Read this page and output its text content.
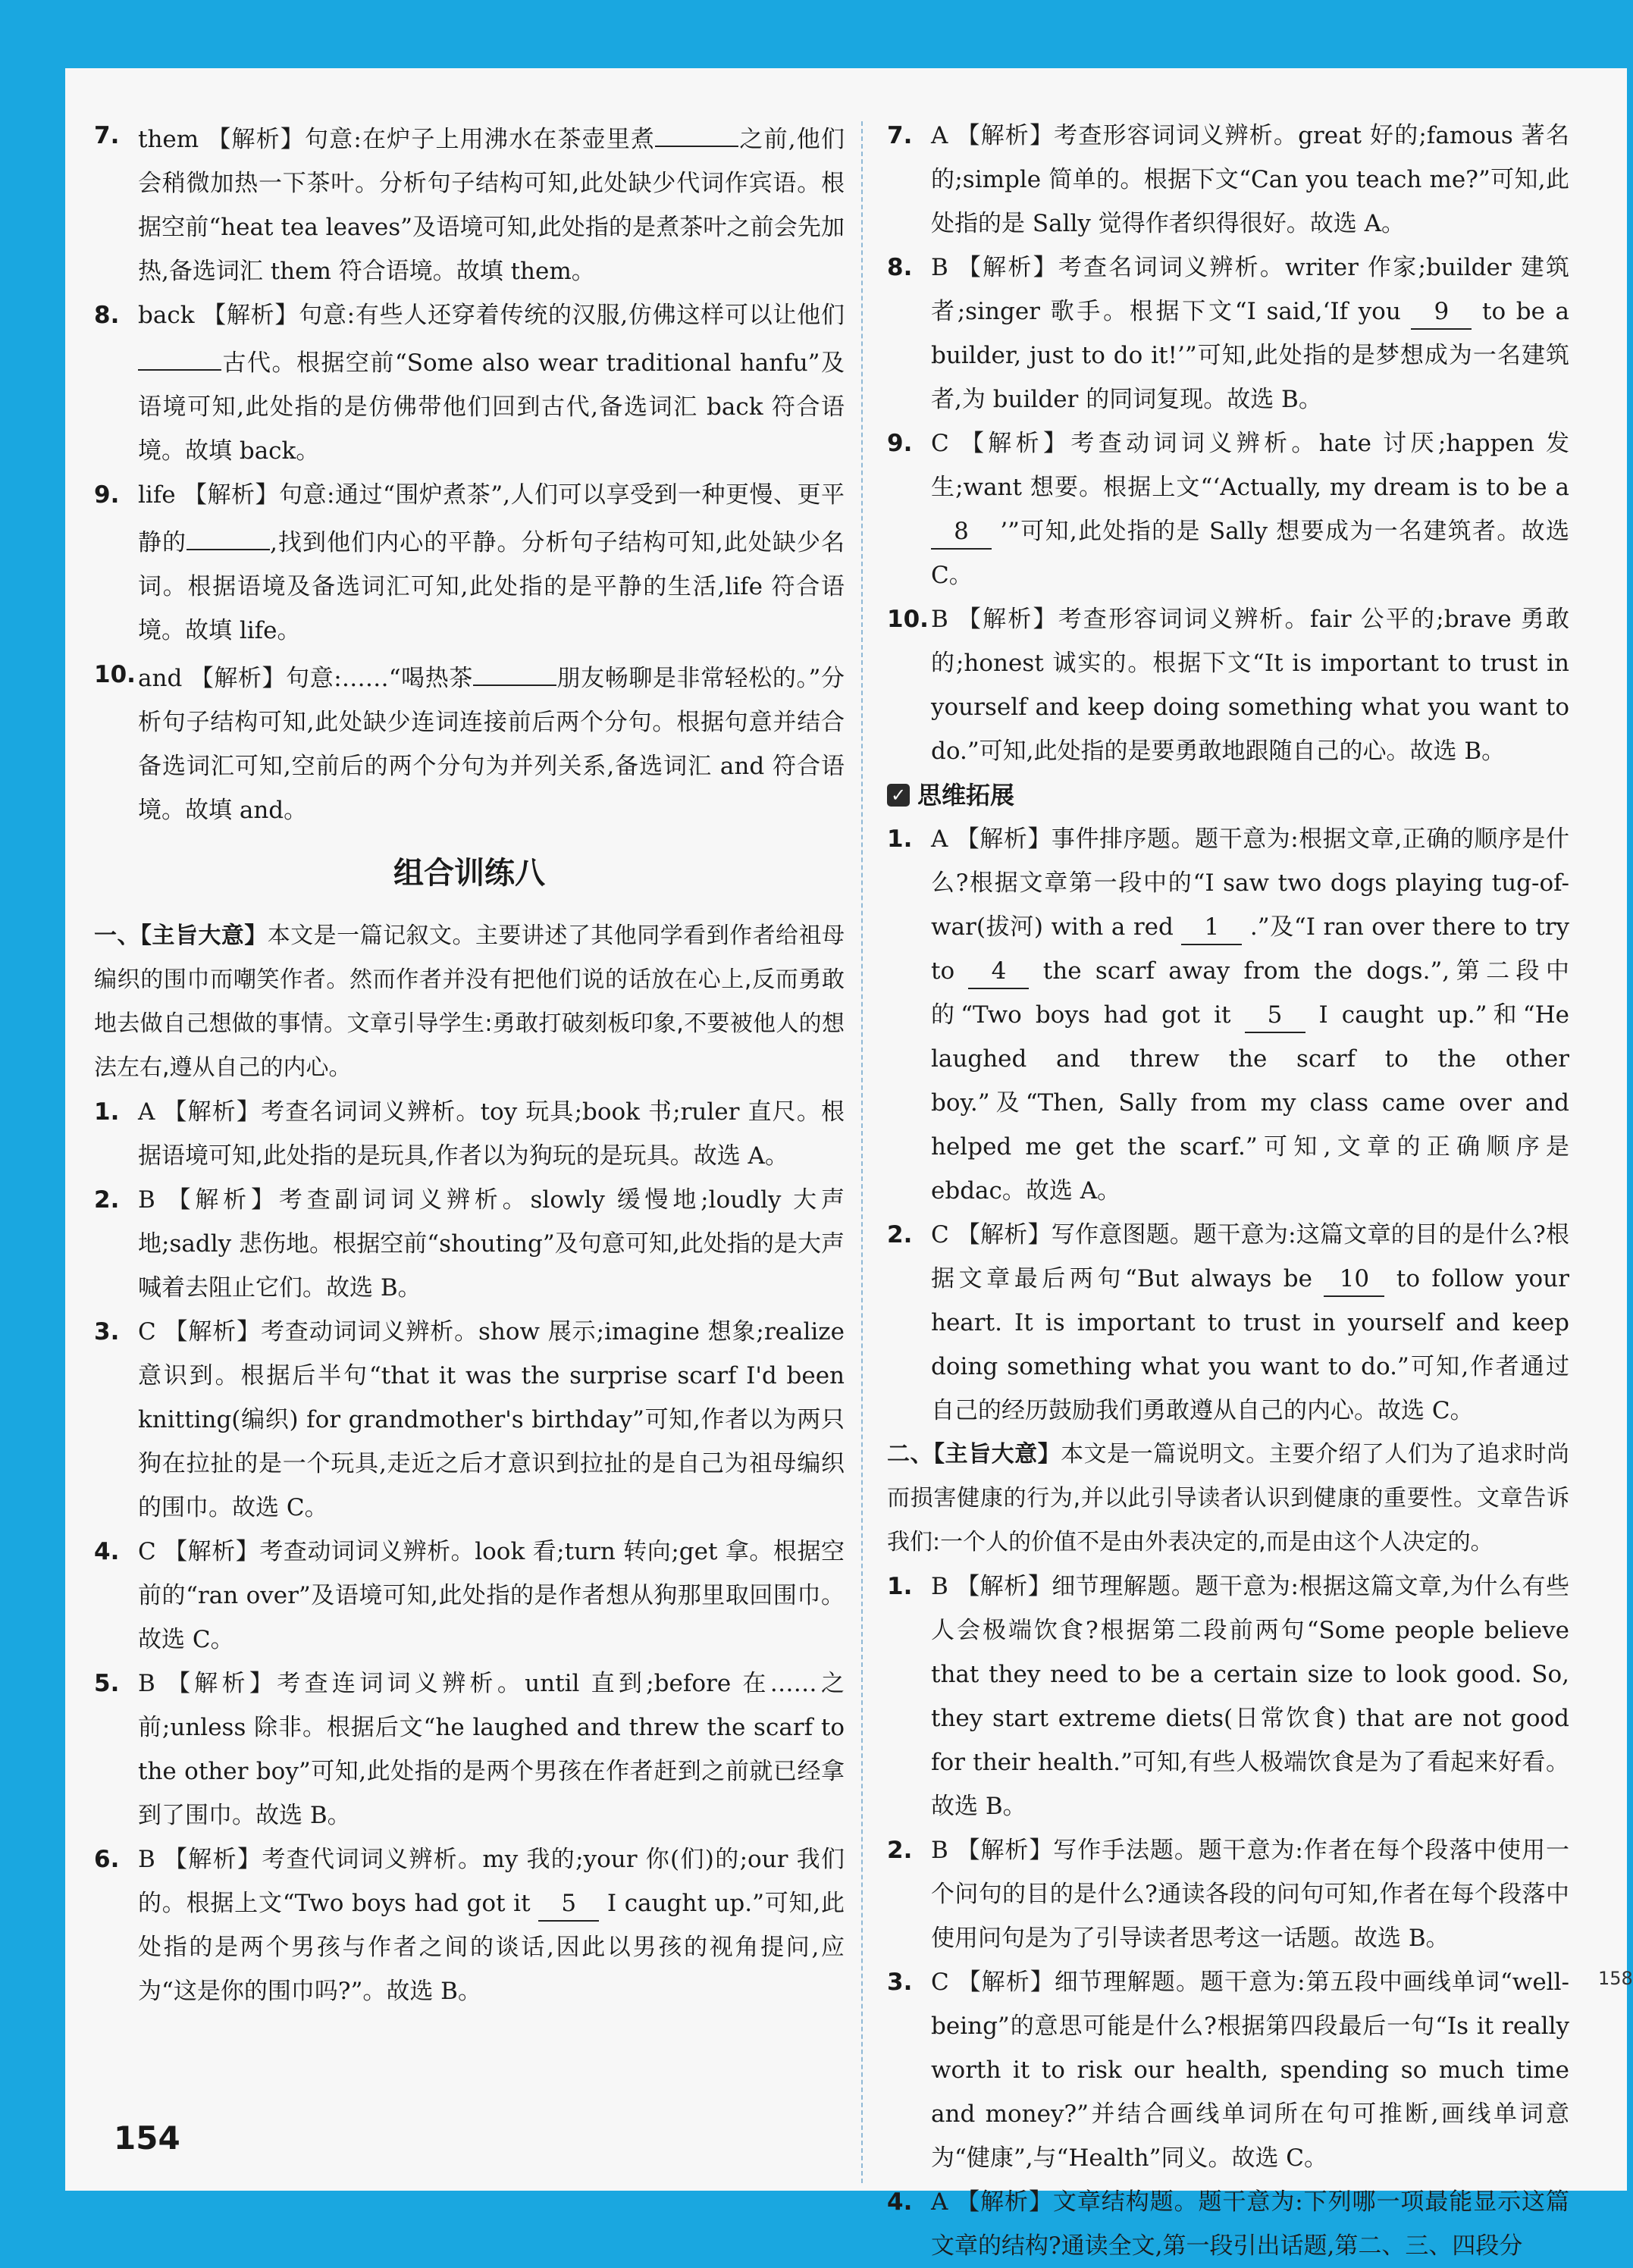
7. them 【解析】句意:在炉子上用沸水在茶壶里煮	之前,他们会稍微加热一下茶叶。分析句子结构可知,此处缺少代词作宾语。根据空前“heat tea leaves”及语境可知,此处指的是煮茶叶之前会先加热,备选词汇 them 符合语境。故填 them。
8. back 【解析】句意:有些人还穿着传统的汉服,仿佛这样可以让他们古代。根据空前“Some also wear traditional hanfu”及语境可知,此处指的是仿佛带他们回到古代,备选词汇 back 符合语境。故填 back。
9. life 【解析】句意:通过“围炉煮茶”,人们可以享受到一种更慢、更平静的	,找到他们内心的平静。分析句子结构可知,此处缺少名词。根据语境及备选词汇可知,此处指的是平静的生活,life 符合语境。故填 life。
10. and 【解析】句意:……“喝热茶	朋友畅聊是非常轻松的。”分析句子结构可知,此处缺少连词连接前后两个分句。根据句意并结合备选词汇可知,空前后的两个分句为并列关系,备选词汇 and 符合语境。故填 and。
组合训练八
一、【主旨大意】本文是一篇记叙文。主要讲述了其他同学看到作者给祖母编织的围巾而嘲笑作者。然而作者并没有把他们说的话放在心上,反而勇敢地去做自己想做的事情。文章引导学生:勇敢打破刻板印象,不要被他人的想法左右,遵从自己的内心。
1. A 【解析】考查名词词义辨析。toy 玩具;book 书;ruler 直尺。根据语境可知,此处指的是玩具,作者以为狗玩的是玩具。故选 A。
2. B 【解析】考查副词词义辨析。slowly 缓慢地;loudly 大声地;sadly 悲伤地。根据空前“shouting”及句意可知,此处指的是大声喊着去阻止它们。故选 B。
3. C 【解析】考查动词词义辨析。show 展示;imagine 想象;realize 意识到。根据后半句“that it was the surprise scarf I'd been knitting(编织) for grandmother's birthday”可知,作者以为两只狗在拉扯的是一个玩具,走近之后才意识到拉扯的是自己为祖母编织的围巾。故选 C。
4. C 【解析】考查动词词义辨析。look 看;turn 转向;get 拿。根据空前的“ran over”及语境可知,此处指的是作者想从狗那里取回围巾。故选 C。
5. B 【解析】考查连词词义辨析。until 直到;before 在……之前;unless 除非。根据后文“he laughed and threw the scarf to the other boy”可知,此处指的是两个男孩在作者赶到之前就已经拿到了围巾。故选 B。
6. B 【解析】考查代词词义辨析。my 我的;your 你(们)的;our 我们的。根据上文“Two boys had got it 5 I caught up.”可知,此处指的是两个男孩与作者之间的谈话,因此以男孩的视角提问,应为“这是你的围巾吗?”。故选 B。
7. A 【解析】考查形容词词义辨析。great 好的;famous 著名的;simple 简单的。根据下文“Can you teach me?”可知,此处指的是 Sally 觉得作者织得很好。故选 A。
8. B 【解析】考查名词词义辨析。writer 作家;builder 建筑者;singer 歌手。根据下文“I said,‘If you 9 to be a builder, just to do it!’”可知,此处指的是梦想成为一名建筑者,为 builder 的同词复现。故选 B。
9. C 【解析】考查动词词义辨析。hate 讨厌;happen 发生;want 想要。根据上文“‘Actually, my dream is to be a 8 ’”可知,此处指的是 Sally 想要成为一名建筑者。故选 C。
10. B 【解析】考查形容词词义辨析。fair 公平的;brave 勇敢的;honest 诚实的。根据下文“It is important to trust in yourself and keep doing something what you want to do.”可知,此处指的是要勇敢地跟随自己的心。故选 B。
✓ 思维拓展
1. A 【解析】事件排序题。题干意为:根据文章,正确的顺序是什么?根据文章第一段中的“I saw two dogs playing tug-of-war(拔河) with a red 1 .”及“I ran over there to try to 4 the scarf away from the dogs.”,第二段中的“Two boys had got it 5 I caught up.”和“He laughed and threw the scarf to the other boy.”及“Then, Sally from my class came over and helped me get the scarf.”可知,文章的正确顺序是 ebdac。故选 A。
2. C 【解析】写作意图题。题干意为:这篇文章的目的是什么?根据文章最后两句“But always be 10 to follow your heart. It is important to trust in yourself and keep doing something what you want to do.”可知,作者通过自己的经历鼓励我们勇敢遵从自己的内心。故选 C。
二、【主旨大意】本文是一篇说明文。主要介绍了人们为了追求时尚而损害健康的行为,并以此引导读者认识到健康的重要性。文章告诉我们:一个人的价值不是由外表决定的,而是由这个人决定的。
1. B 【解析】细节理解题。题干意为:根据这篇文章,为什么有些人会极端饮食?根据第二段前两句“Some people believe that they need to be a certain size to look good. So, they start extreme diets(日常饮食) that are not good for their health.”可知,有些人极端饮食是为了看起来好看。故选 B。
2. B 【解析】写作手法题。题干意为:作者在每个段落中使用一个问句的目的是什么?通读各段的问句可知,作者在每个段落中使用问句是为了引导读者思考这一话题。故选 B。
3. C 【解析】细节理解题。题干意为:第五段中画线单词“well-being”的意思可能是什么?根据第四段最后一句“Is it really worth it to risk our health, spending so much time and money?”并结合画线单词所在句可推断,画线单词意为“健康”,与“Health”同义。故选 C。
4. A 【解析】文章结构题。题干意为:下列哪一项最能显示这篇文章的结构?通读全文,第一段引出话题,第二、三、四段分
154
158
